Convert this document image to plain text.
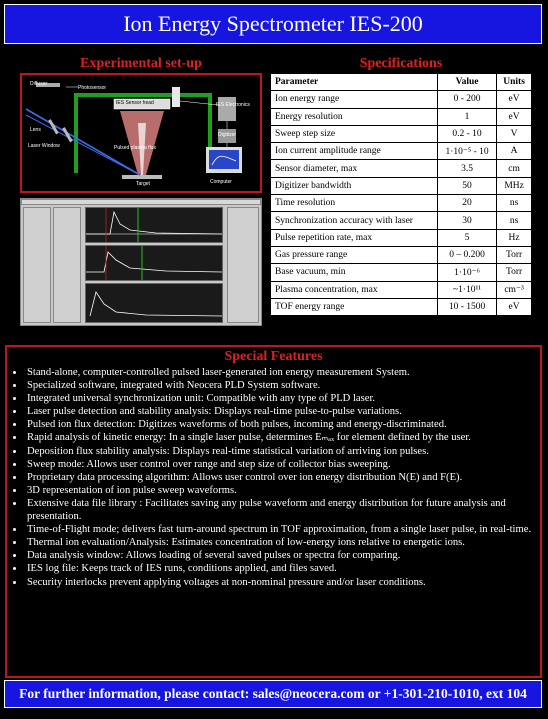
Ion Energy Spectrometer IES-200
Experimental set-up
Diffuser
Photosensor
IES Sensor head	IES Electronics
Lens
Laser Window	Pulsed plasma flux
Digitizer
Target	Computer
Specifications
Parameter	Value	Units
Ion energy range	0 - 200	eV
Energy resolution	1	eV
Sweep step size	0.2 - 10	V
Ion current amplitude range	1·10⁻⁵ - 10	A
Sensor diameter, max	3.5	cm
Digitizer bandwidth	50	MHz
Time resolution	20	ns
Synchronization accuracy with laser	30	ns
Pulse repetition rate, max	5	Hz
Gas pressure range	0 – 0.200	Torr
Base vacuum, min	1·10⁻⁶	Torr
Plasma concentration, max	~1·10¹¹	cm⁻³
TOF energy range	10 - 1500	eV
Special Features
• Stand-alone, computer-controlled pulsed laser-generated ion energy measurement System.
• Specialized software, integrated with Neocera PLD System software.
• Integrated universal synchronization unit: Compatible with any type of PLD laser.
• Laser pulse detection and stability analysis: Displays real-time pulse-to-pulse variations.
• Pulsed ion flux detection: Digitizes waveforms of both pulses, incoming and energy-discriminated.
• Rapid analysis of kinetic energy: In a single laser pulse, determines Eₘₐₓ for element defined by the user.
• Deposition flux stability analysis: Displays real-time statistical variation of arriving ion pulses.
• Sweep mode: Allows user control over range and step size of collector bias sweeping.
• Proprietary data processing algorithm: Allows user control over ion energy distribution N(E) and F(E).
• 3D representation of ion pulse sweep waveforms.
• Extensive data file library : Facilitates saving any pulse waveform and energy distribution for future analysis and presentation.
• Time-of-Flight mode; delivers fast turn-around spectrum in TOF approximation, from a single laser pulse, in real-time.
• Thermal ion evaluation/Analysis: Estimates concentration of low-energy ions relative to energetic ions.
• Data analysis window: Allows loading of several saved pulses or spectra for comparing.
• IES log file: Keeps track of IES runs, conditions applied, and files saved.
• Security interlocks prevent applying voltages at non-nominal pressure and/or laser conditions.
For further information, please contact: sales@neocera.com or +1-301-210-1010, ext 104
